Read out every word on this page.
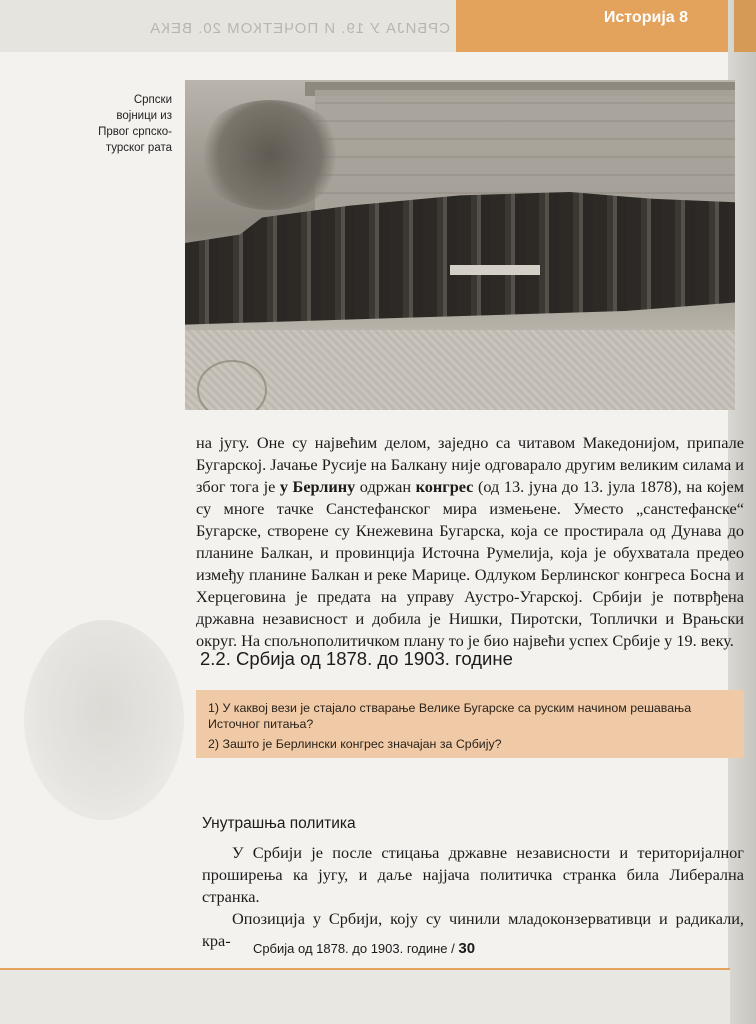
СРБИЈА У 19. И ПОЧЕТКОМ 20. ВЕКА
Историја 8
Српски војници из Првог српско-турског рата

на југу. Оне су највећим делом, заједно са читавом Македонијом, припале Бугарској. Јачање Русије на Балкану није одговарало другим великим силама и због тога је у Берлину одржан конгрес (од 13. јуна до 13. јула 1878), на којем су многе тачке Санстефанског мира измењене. Уместо „санстефанске“ Бугарске, створене су Кнежевина Бугарска, која се простирала од Дунава до планине Балкан, и провинција Источна Румелија, која је обухватала предео између планине Балкан и реке Марице. Одлуком Берлинског конгреса Босна и Херцеговина је предата на управу Аустро-Угарској. Србији је потврђена државна независност и добила је Нишки, Пиротски, Топлички и Врањски округ. На спољнополитичком плану то је био највећи успех Србије у 19. веку.

2.2. Србија од 1878. до 1903. године
1) У каквој вези је стајало стварање Велике Бугарске са руским начином решавања Источног питања?
2) Зашто је Берлински конгрес значајан за Србију?
Унутрашња политика

У Србији је после стицања државне независности и територијалног проширења ка југу, и даље најјача политичка странка била Либерална странка.

Опозиција у Србији, коју су чинили младоконзервативци и радикали, кра-	Србија од 1878. до 1903. године / 30
